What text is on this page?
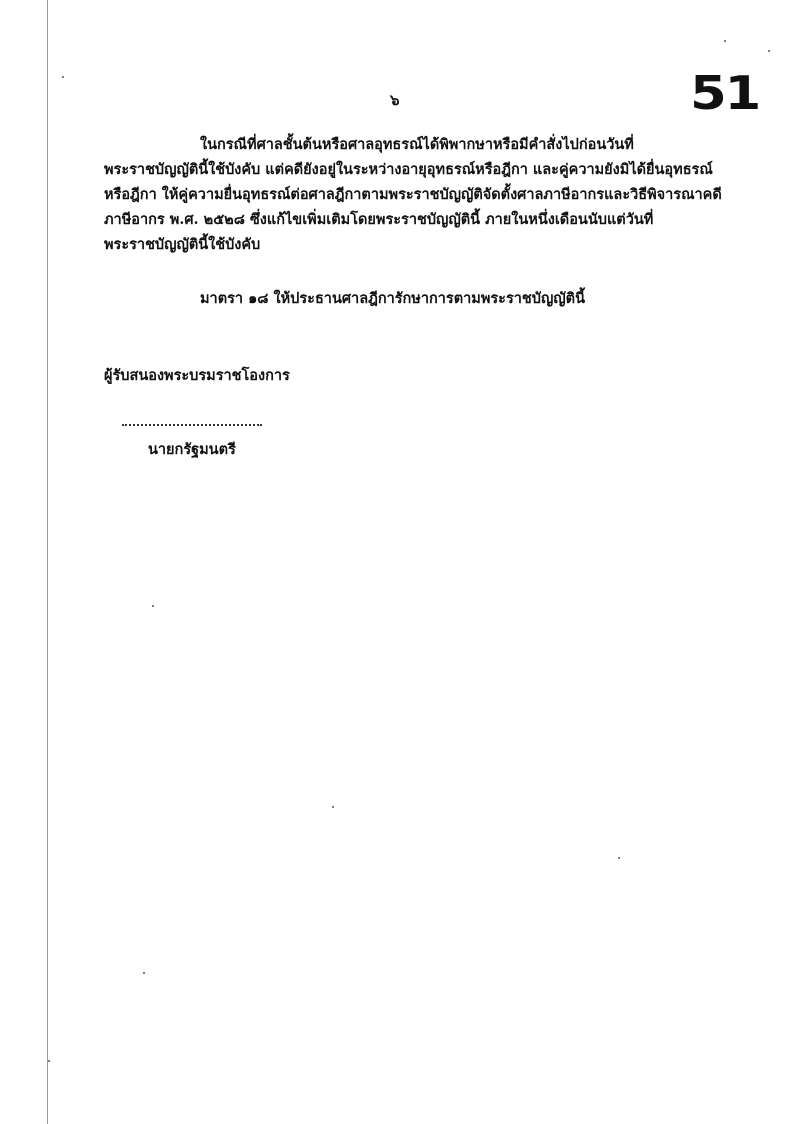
๖	51
ในกรณีที่ศาลชั้นต้นหรือศาลอุทธรณ์ได้พิพากษาหรือมีคำสั่งไปก่อนวันที่
พระราชบัญญัตินี้ใช้บังคับ แต่คดียังอยู่ในระหว่างอายุอุทธรณ์หรือฎีกา และคู่ความยังมิได้ยื่นอุทธรณ์
หรือฎีกา ให้คู่ความยื่นอุทธรณ์ต่อศาลฎีกาตามพระราชบัญญัติจัดตั้งศาลภาษีอากรและวิธีพิจารณาคดี
ภาษีอากร พ.ศ. ๒๕๒๘ ซึ่งแก้ไขเพิ่มเติมโดยพระราชบัญญัตินี้ ภายในหนึ่งเดือนนับแต่วันที่
พระราชบัญญัตินี้ใช้บังคับ
มาตรา ๑๘ ให้ประธานศาลฎีการักษาการตามพระราชบัญญัตินี้
ผู้รับสนองพระบรมราชโองการ
นายกรัฐมนตรี
